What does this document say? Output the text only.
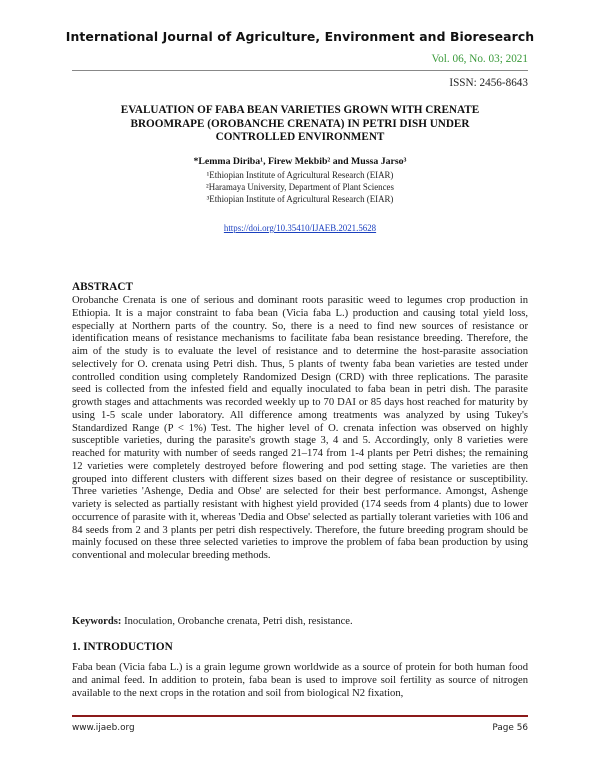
International Journal of Agriculture, Environment and Bioresearch
Vol. 06, No. 03; 2021
ISSN: 2456-8643
EVALUATION OF FABA BEAN VARIETIES GROWN WITH CRENATE BROOMRAPE (OROBANCHE CRENATA) IN PETRI DISH UNDER CONTROLLED ENVIRONMENT
*Lemma Diriba¹, Firew Mekbib² and Mussa Jarso³
¹Ethiopian Institute of Agricultural Research (EIAR)
²Haramaya University, Department of Plant Sciences
³Ethiopian Institute of Agricultural Research (EIAR)
https://doi.org/10.35410/IJAEB.2021.5628
ABSTRACT

Orobanche Crenata is one of serious and dominant roots parasitic weed to legumes crop production in Ethiopia. It is a major constraint to faba bean (Vicia faba L.) production and causing total yield loss, especially at Northern parts of the country. So, there is a need to find new sources of resistance or identification means of resistance mechanisms to facilitate faba bean resistance breeding. Therefore, the aim of the study is to evaluate the level of resistance and to determine the host-parasite association selectively for O. crenata using Petri dish. Thus, 5 plants of twenty faba bean varieties are tested under controlled condition using completely Randomized Design (CRD) with three replications. The parasite seed is collected from the infested field and equally inoculated to faba bean in petri dish. The parasite growth stages and attachments was recorded weekly up to 70 DAI or 85 days host reached for maturity by using 1-5 scale under laboratory. All difference among treatments was analyzed by using Tukey's Standardized Range (P < 1%) Test. The higher level of O. crenata infection was observed on highly susceptible varieties, during the parasite's growth stage 3, 4 and 5. Accordingly, only 8 varieties were reached for maturity with number of seeds ranged 21–174 from 1-4 plants per Petri dishes; the remaining 12 varieties were completely destroyed before flowering and pod setting stage. The varieties are then grouped into different clusters with different sizes based on their degree of resistance or susceptibility. Three varieties 'Ashenge, Dedia and Obse' are selected for their best performance. Amongst, Ashenge variety is selected as partially resistant with highest yield provided (174 seeds from 4 plants) due to lower occurrence of parasite with it, whereas 'Dedia and Obse' selected as partially tolerant varieties with 106 and 84 seeds from 2 and 3 plants per petri dish respectively. Therefore, the future breeding program should be mainly focused on these three selected varieties to improve the problem of faba bean production by using conventional and molecular breeding methods.

Keywords: Inoculation, Orobanche crenata, Petri dish, resistance.
1. INTRODUCTION

Faba bean (Vicia faba L.) is a grain legume grown worldwide as a source of protein for both human food and animal feed. In addition to protein, faba bean is used to improve soil fertility as source of nitrogen available to the next crops in the rotation and soil from biological N2 fixation,

www.ijaeb.org	Page 56
